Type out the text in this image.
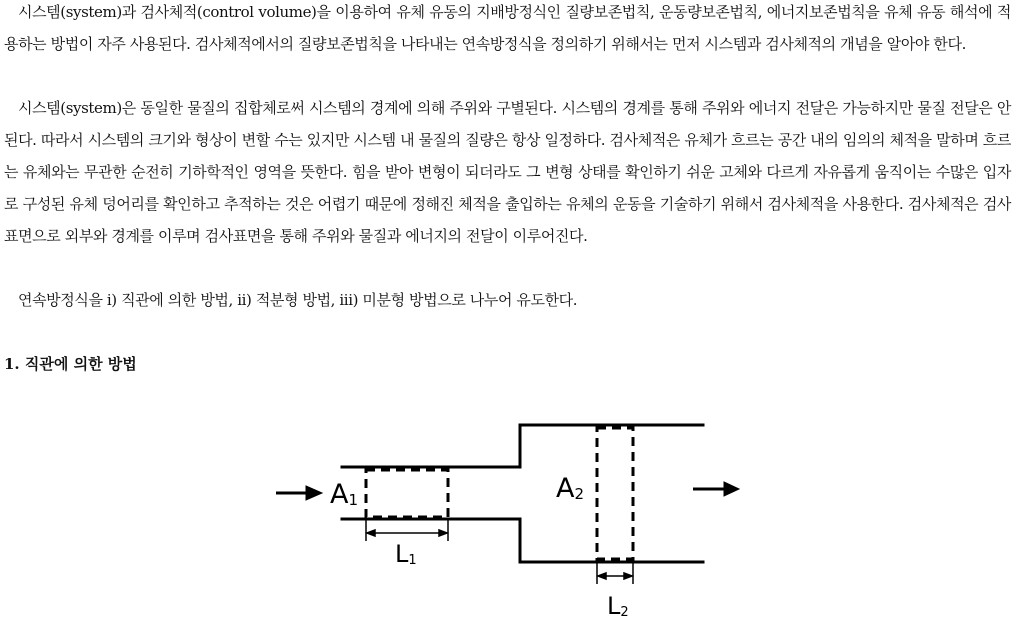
시스템(system)과 검사체적(control volume)을 이용하여 유체 유동의 지배방정식인 질량보존법칙, 운동량보존법칙, 에너지보존법칙을 유체 유동 해석에 적용하는 방법이 자주 사용된다. 검사체적에서의 질량보존법칙을 나타내는 연속방정식을 정의하기 위해서는 먼저 시스템과 검사체적의 개념을 알아야 한다.

시스템(system)은 동일한 물질의 집합체로써 시스템의 경계에 의해 주위와 구별된다. 시스템의 경계를 통해 주위와 에너지 전달은 가능하지만 물질 전달은 안 된다. 따라서 시스템의 크기와 형상이 변할 수는 있지만 시스템 내 물질의 질량은 항상 일정하다. 검사체적은 유체가 흐르는 공간 내의 임의의 체적을 말하며 흐르는 유체와는 무관한 순전히 기하학적인 영역을 뜻한다. 힘을 받아 변형이 되더라도 그 변형 상태를 확인하기 쉬운 고체와 다르게 자유롭게 움직이는 수많은 입자로 구성된 유체 덩어리를 확인하고 추적하는 것은 어렵기 때문에 정해진 체적을 출입하는 유체의 운동을 기술하기 위해서 검사체적을 사용한다. 검사체적은 검사표면으로 외부와 경계를 이루며 검사표면을 통해 주위와 물질과 에너지의 전달이 이루어진다.

연속방정식을 i) 직관에 의한 방법, ii) 적분형 방법, iii) 미분형 방법으로 나누어 유도한다.

1. 직관에 의한 방법
A1	A2
L1
L2
